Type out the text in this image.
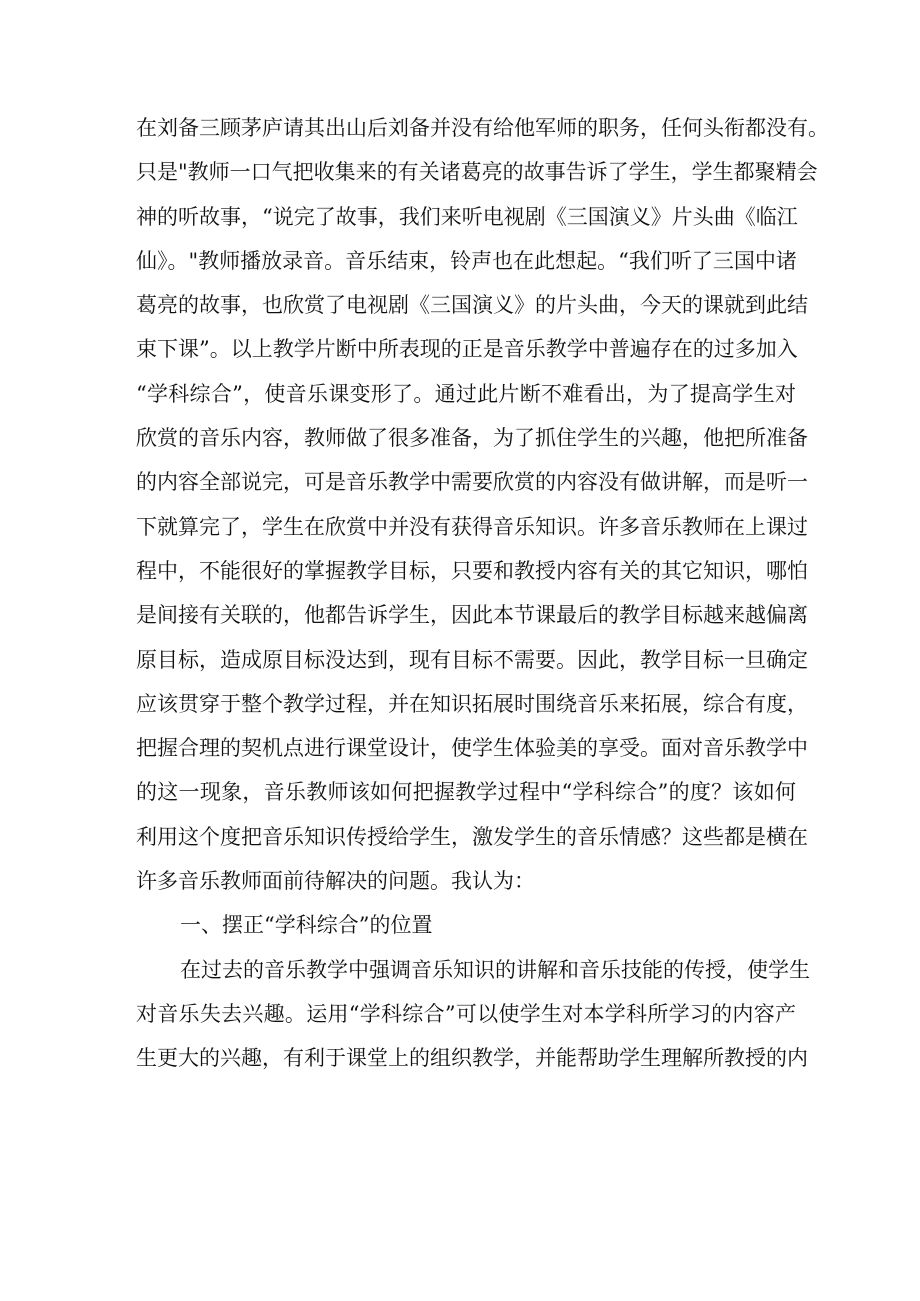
在刘备三顾茅庐请其出山后刘备并没有给他军师的职务，任何头衔都没有。
只是"教师一口气把收集来的有关诸葛亮的故事告诉了学生，学生都聚精会
神的听故事，“说完了故事，我们来听电视剧《三国演义》片头曲《临江
仙》。"教师播放录音。音乐结束，铃声也在此想起。“我们听了三国中诸
葛亮的故事，也欣赏了电视剧《三国演义》的片头曲，今天的课就到此结
束下课”。以上教学片断中所表现的正是音乐教学中普遍存在的过多加入
“学科综合”，使音乐课变形了。通过此片断不难看出，为了提高学生对
欣赏的音乐内容，教师做了很多准备，为了抓住学生的兴趣，他把所准备
的内容全部说完，可是音乐教学中需要欣赏的内容没有做讲解，而是听一
下就算完了，学生在欣赏中并没有获得音乐知识。许多音乐教师在上课过
程中，不能很好的掌握教学目标，只要和教授内容有关的其它知识，哪怕
是间接有关联的，他都告诉学生，因此本节课最后的教学目标越来越偏离
原目标，造成原目标没达到，现有目标不需要。因此，教学目标一旦确定
应该贯穿于整个教学过程，并在知识拓展时围绕音乐来拓展，综合有度，
把握合理的契机点进行课堂设计，使学生体验美的享受。面对音乐教学中
的这一现象，音乐教师该如何把握教学过程中“学科综合”的度？该如何
利用这个度把音乐知识传授给学生，激发学生的音乐情感？这些都是横在
许多音乐教师面前待解决的问题。我认为：
一、摆正“学科综合”的位置
在过去的音乐教学中强调音乐知识的讲解和音乐技能的传授，使学生
对音乐失去兴趣。运用“学科综合”可以使学生对本学科所学习的内容产
生更大的兴趣，有利于课堂上的组织教学，并能帮助学生理解所教授的内
